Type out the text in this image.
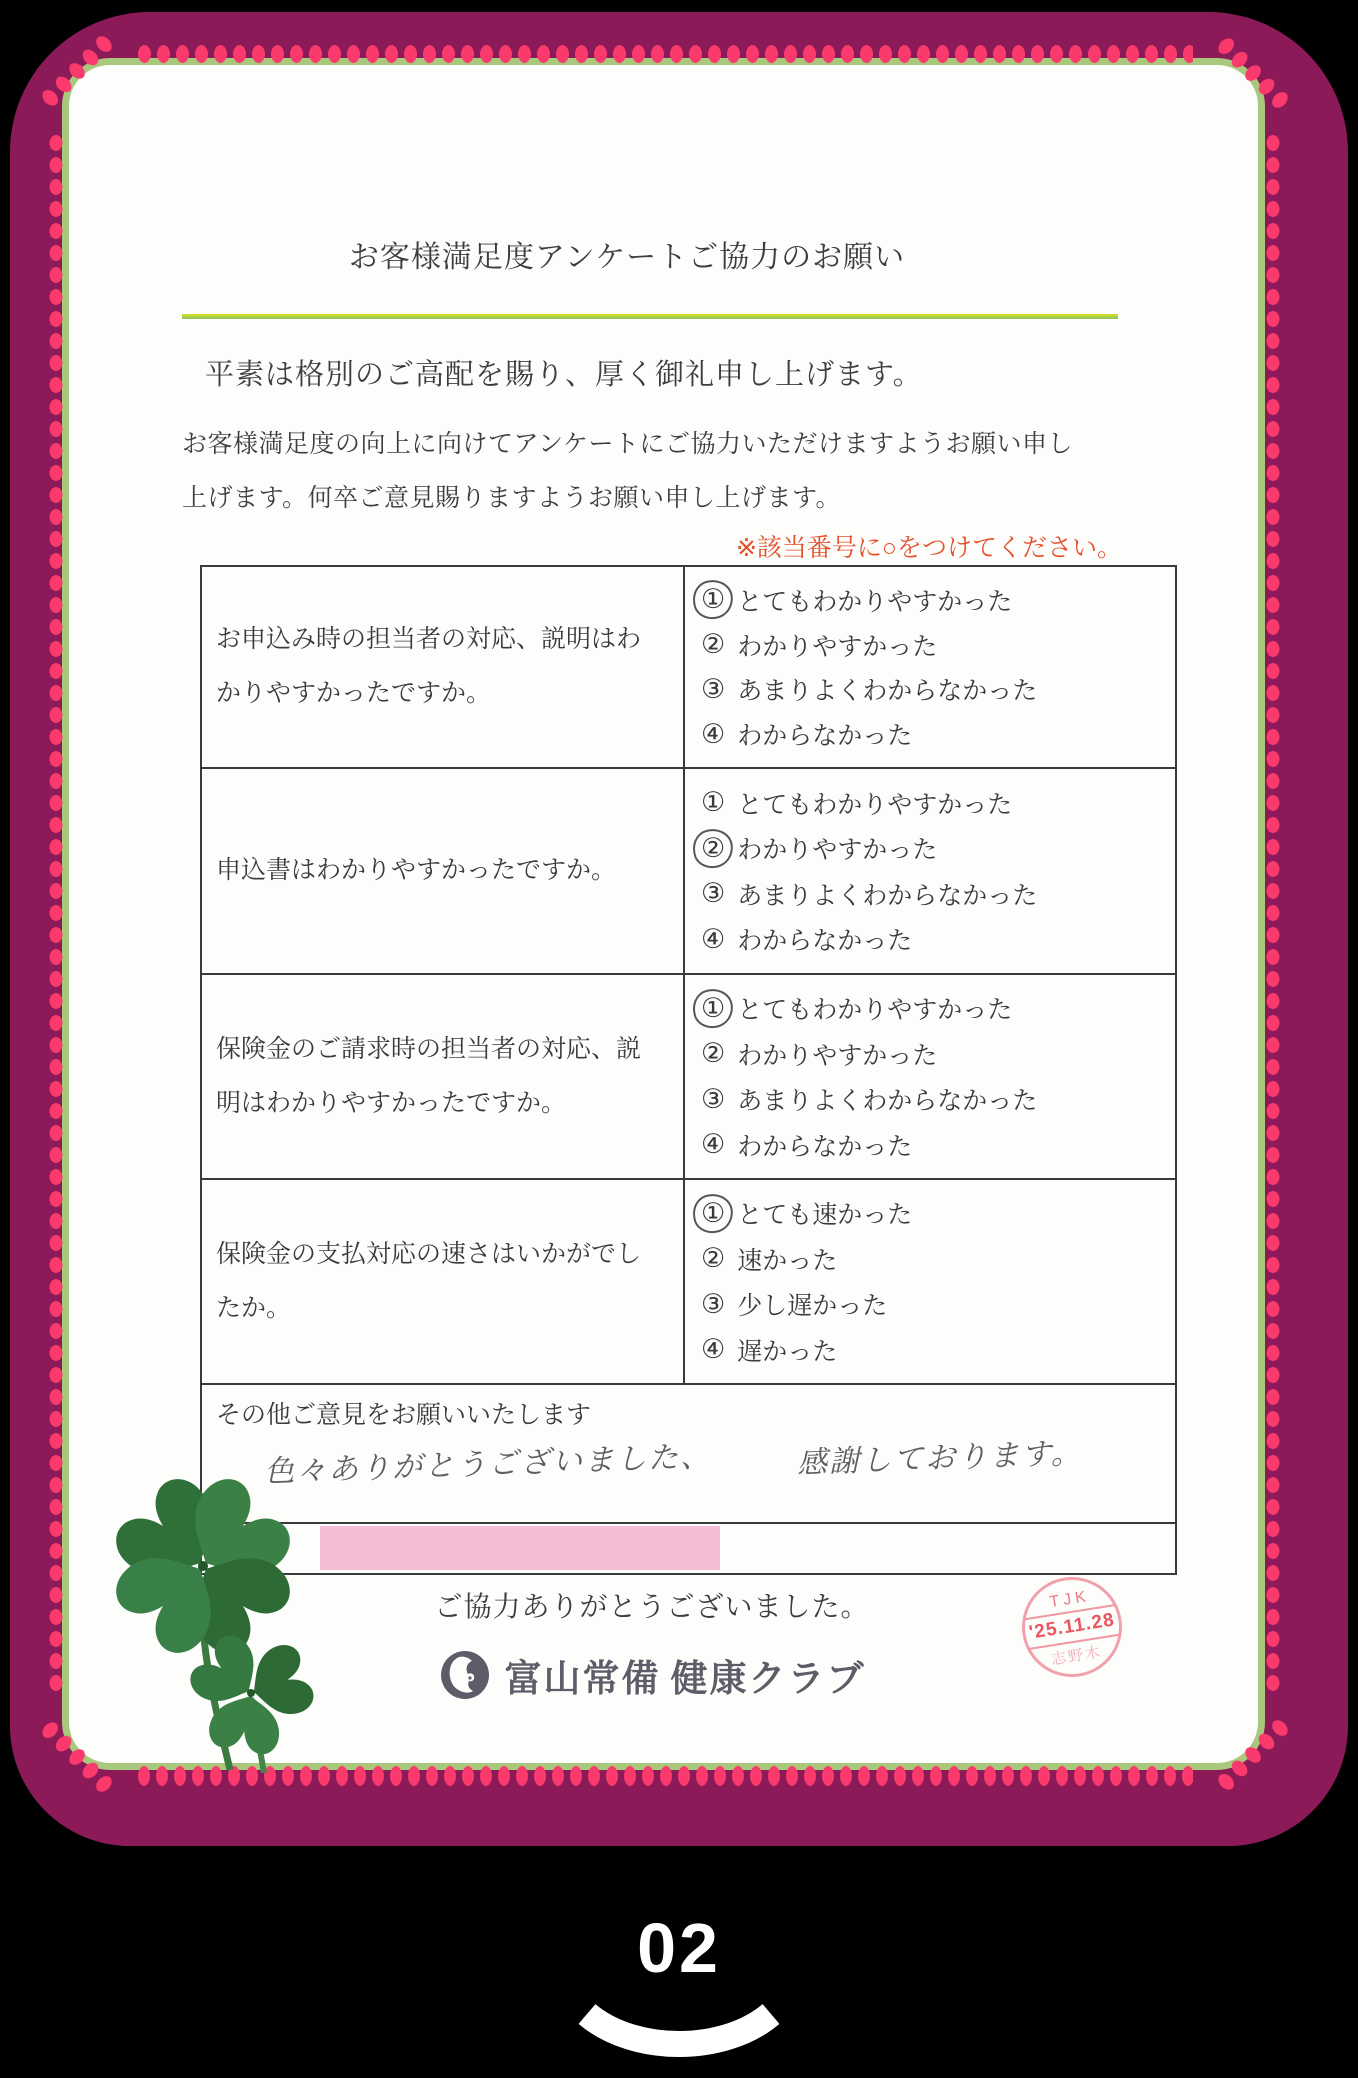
お客様満足度アンケートご協力のお願い
平素は格別のご高配を賜り、厚く御礼申し上げます。
お客様満足度の向上に向けてアンケートにご協力いただけますようお願い申し
上げます。何卒ご意見賜りますようお願い申し上げます。
※該当番号に○をつけてください。
お申込み時の担当者の対応、説明はわかりやすかったですか。
① とてもわかりやすかった
② わかりやすかった
③ あまりよくわからなかった
④ わからなかった
申込書はわかりやすかったですか。
① とてもわかりやすかった
② わかりやすかった
③ あまりよくわからなかった
④ わからなかった
保険金のご請求時の担当者の対応、説明はわかりやすかったですか。
① とてもわかりやすかった
② わかりやすかった
③ あまりよくわからなかった
④ わからなかった
保険金の支払対応の速さはいかがでしたか。
① とても速かった
② 速かった
③ 少し遅かった
④ 遅かった
その他ご意見をお願いいたします
色々ありがとうございました、	感謝しております。
ご協力ありがとうございました。
富山常備 健康クラブ
TJK
'25.11.28
志野木
02
